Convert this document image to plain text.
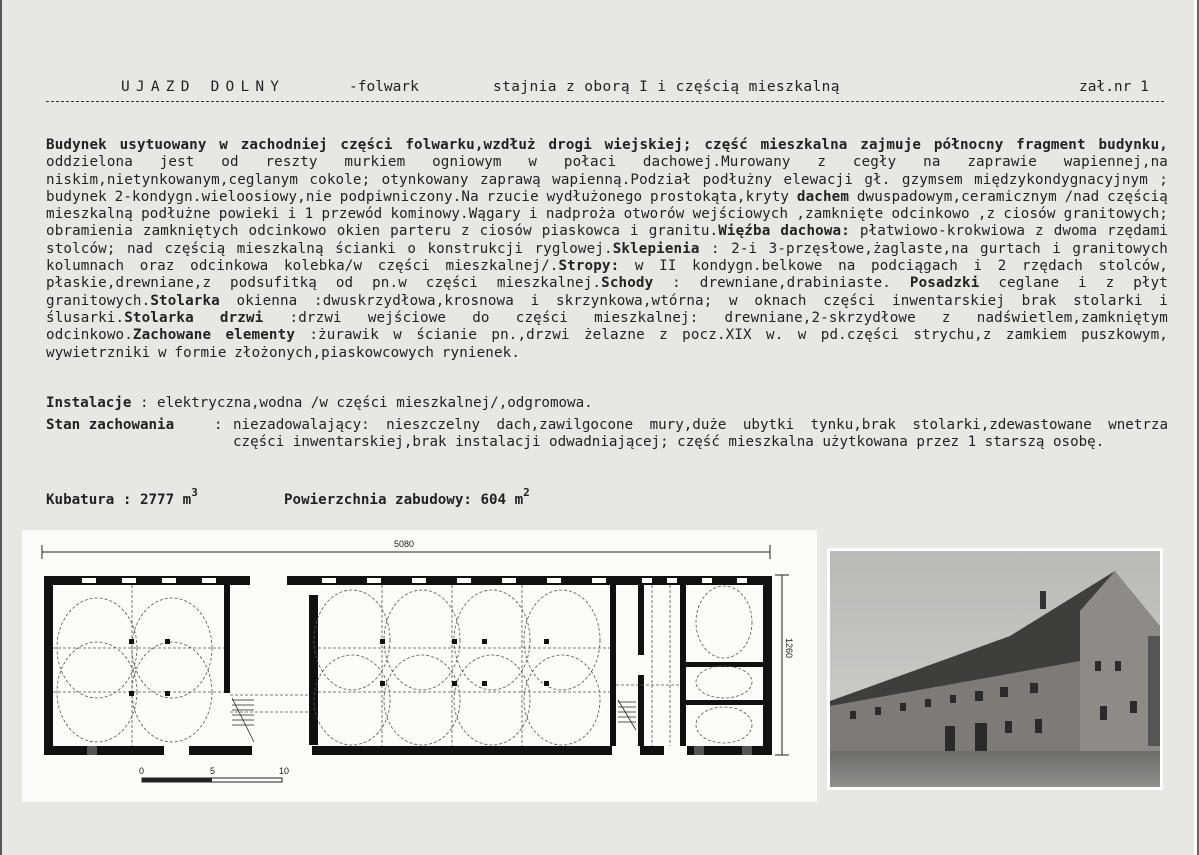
UJAZD DOLNY	-folwark	stajnia z oborą I i częścią mieszkalną	zał.nr 1
Budynek usytuowany w zachodniej części folwarku,wzdłuż drogi wiejskiej; część mieszkalna zajmuje północny fragment budynku, oddzielona jest od reszty murkiem ogniowym w połaci dachowej.Murowany z cegły na zaprawie wapiennej,na niskim,nietynkowanym,ceglanym cokole; otynkowany zaprawą wapienną.Podział podłużny elewacji gł. gzymsem międzykondygnacyjnym ; budynek 2-kondygn.wieloosiowy,nie podpiwniczony.Na rzucie wydłużonego prostokąta,kryty dachem dwuspadowym,ceramicznym /nad częścią mieszkalną podłużne powieki i 1 przewód kominowy.Wągary i nadproża otworów wejściowych ,zamknięte odcinkowo ,z ciosów granitowych; obramienia zamkniętych odcinkowo okien parteru z ciosów piaskowca i granitu.Więźba dachowa: płatwiowo-krokwiowa z dwoma rzędami stolców; nad częścią mieszkalną ścianki o konstrukcji ryglowej.Sklepienia : 2-i 3-przęsłowe,żaglaste,na gurtach i granitowych kolumnach oraz odcinkowa kolebka/w części mieszkalnej/.Stropy: w II kondygn.belkowe na podciągach i 2 rzędach stolców, płaskie,drewniane,z podsufitką od pn.w części mieszkalnej.Schody : drewniane,drabiniaste. Posadzki ceglane i z płyt granitowych.Stolarka okienna :dwuskrzydłowa,krosnowa i skrzynkowa,wtórna; w oknach części inwentarskiej brak stolarki i ślusarki.Stolarka drzwi :drzwi wejściowe do części mieszkalnej: drewniane,2-skrzydłowe z nadświetlem,zamkniętym odcinkowo.Zachowane elementy :żurawik w ścianie pn.,drzwi żelazne z pocz.XIX w. w pd.części strychu,z zamkiem puszkowym, wywietrzniki w formie złożonych,piaskowcowych rynienek.
Instalacje : elektryczna,wodna /w części mieszkalnej/,odgromowa.
Stan zachowania	: niezadowalający: nieszczelny dach,zawilgocone mury,duże ubytki tynku,brak stolarki,zdewastowane wnetrza części inwentarskiej,brak instalacji odwadniającej; część mieszkalna użytkowana przez 1 starszą osobę.
Kubatura : 2777 $m^3$	Powierzchnia zabudowy: 604 $m^2$
5080
1260
0	5	10
